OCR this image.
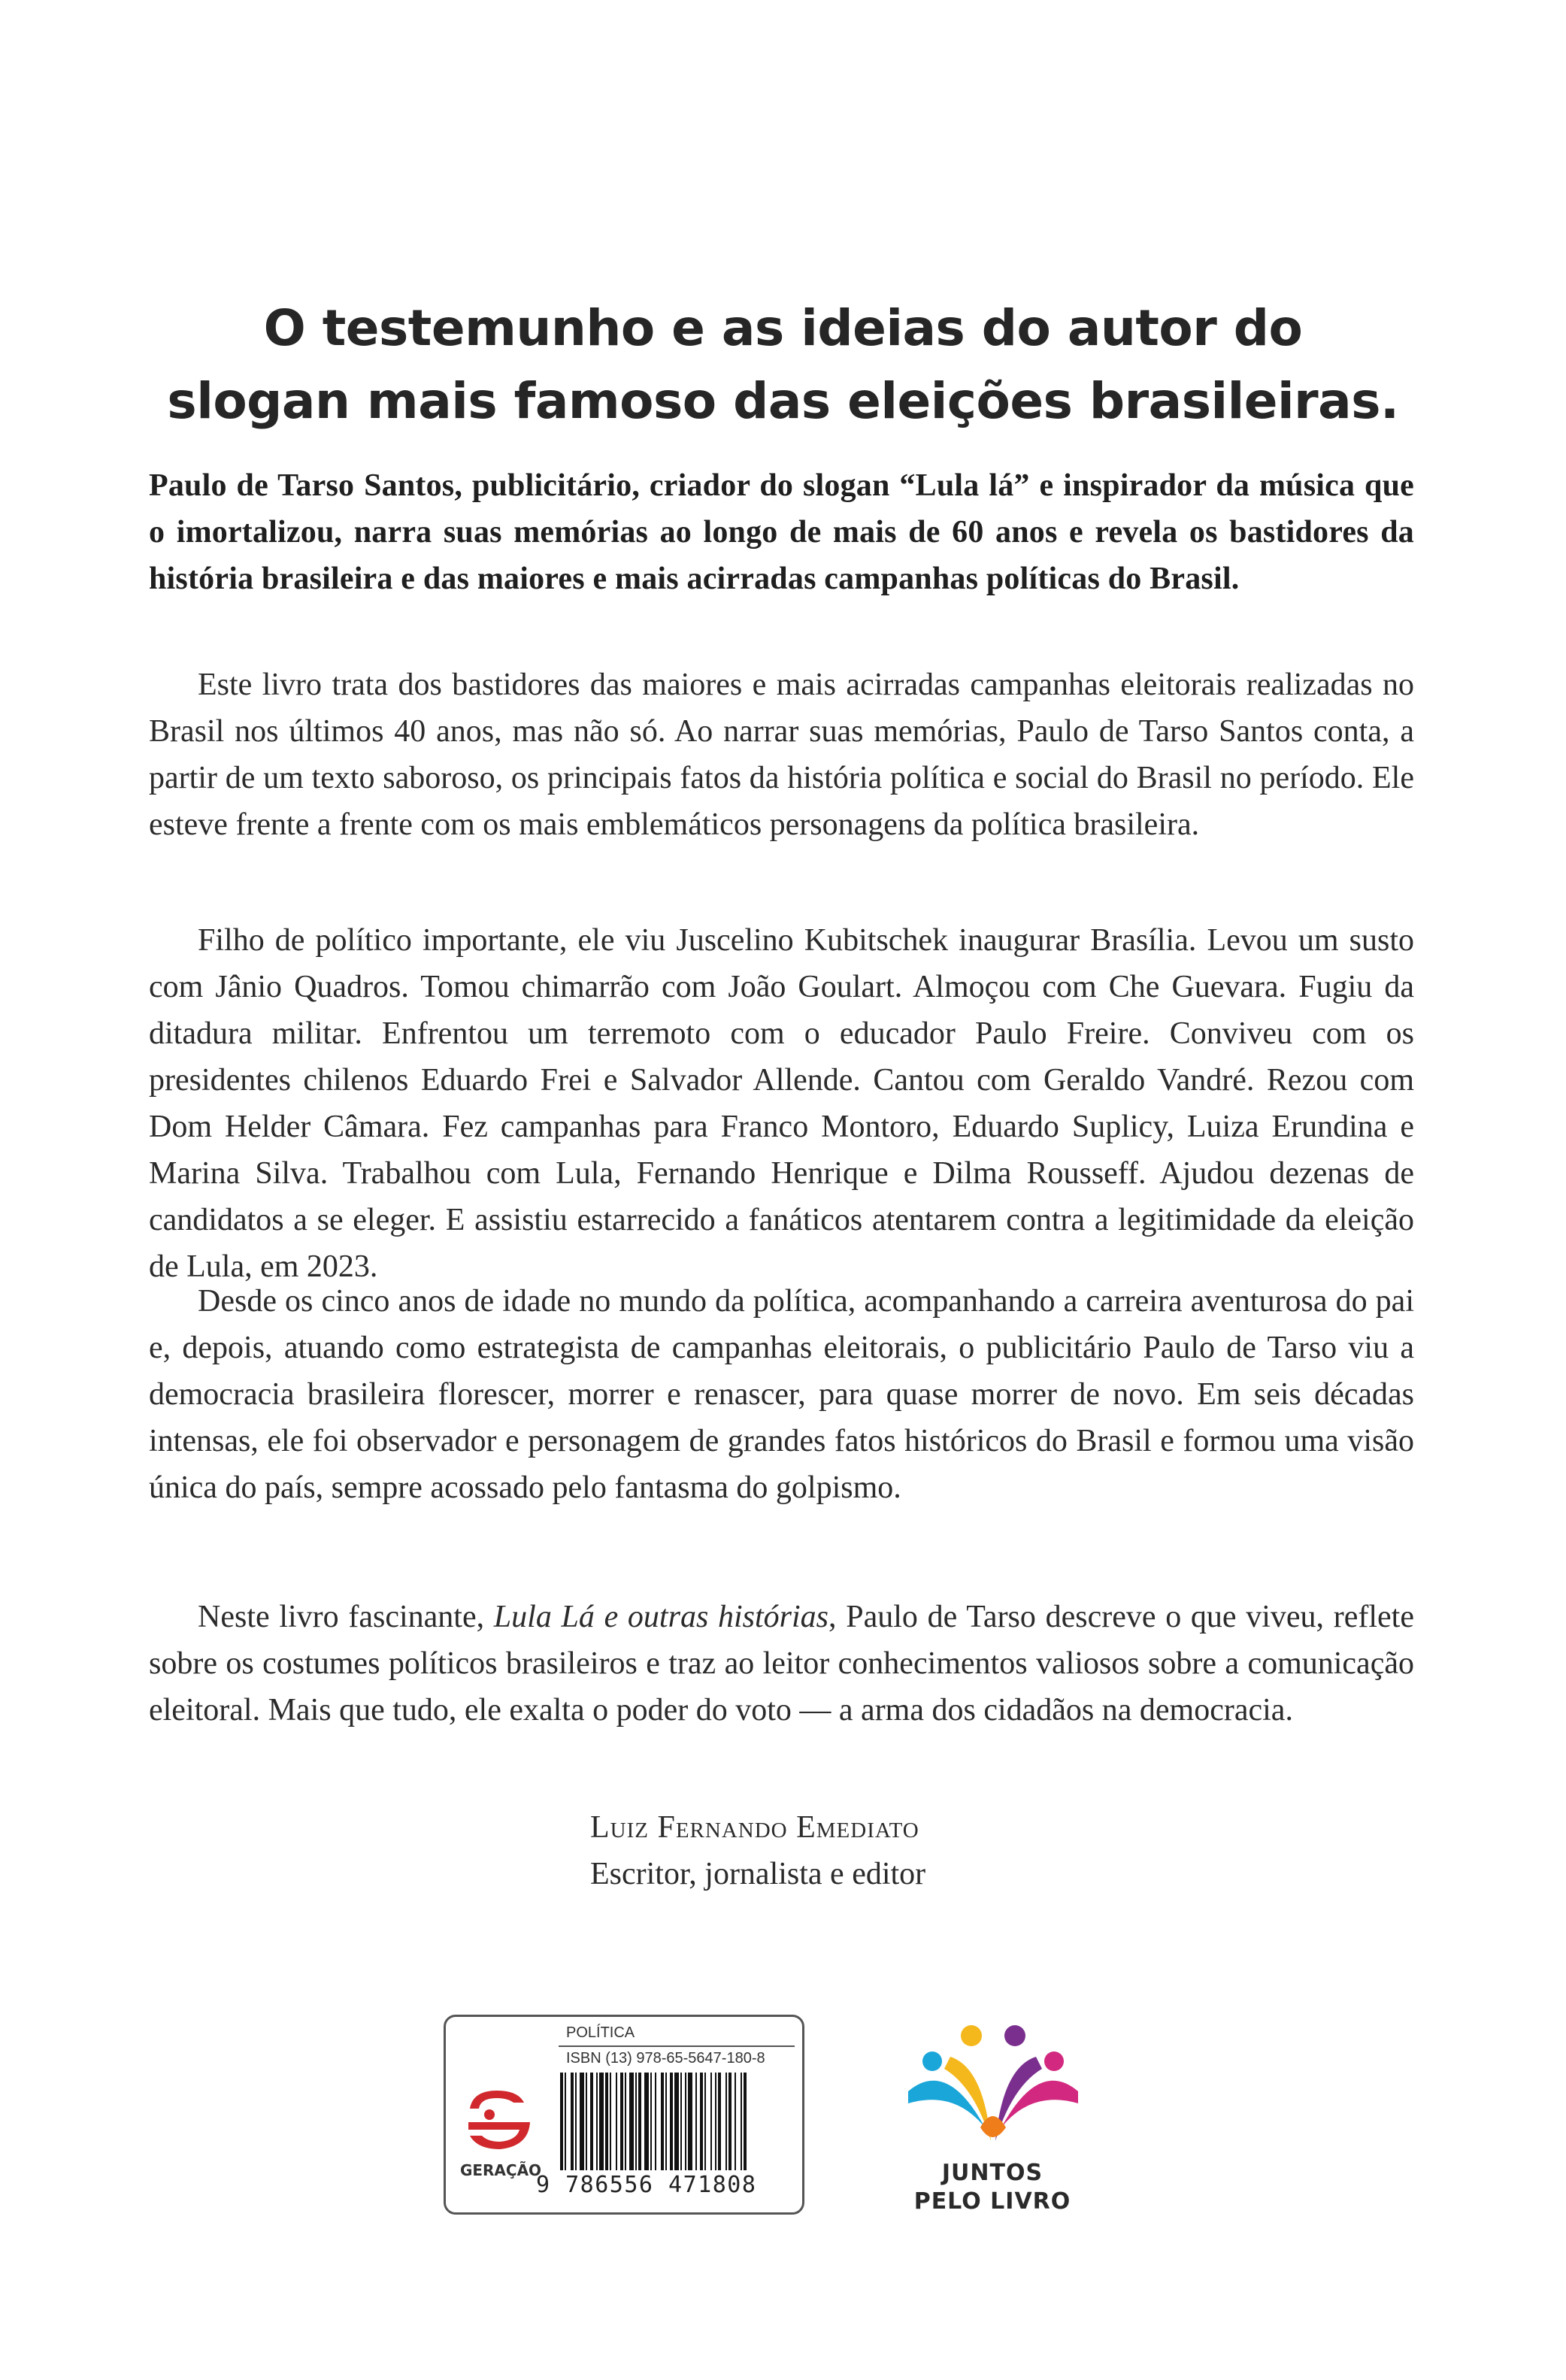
O testemunho e as ideias do autor do
slogan mais famoso das eleições brasileiras.
Paulo de Tarso Santos, publicitário, criador do slogan “Lula lá” e inspirador da música que o imortalizou, narra suas memórias ao longo de mais de 60 anos e revela os bastidores da história brasileira e das maiores e mais acirradas campanhas políticas do Brasil.
Este livro trata dos bastidores das maiores e mais acirradas campanhas eleitorais realizadas no Brasil nos últimos 40 anos, mas não só. Ao narrar suas memórias, Paulo de Tarso Santos conta, a partir de um texto saboroso, os principais fatos da história política e social do Brasil no período. Ele esteve frente a frente com os mais emblemáticos personagens da política brasileira.
Filho de político importante, ele viu Juscelino Kubitschek inaugurar Brasília. Levou um susto com Jânio Quadros. Tomou chimarrão com João Goulart. Almoçou com Che Guevara. Fugiu da ditadura militar. Enfrentou um terremoto com o educador Paulo Freire. Conviveu com os presidentes chilenos Eduardo Frei e Salvador Allende. Cantou com Geraldo Vandré. Rezou com Dom Helder Câmara. Fez campanhas para Franco Montoro, Eduardo Suplicy, Luiza Erundina e Marina Silva. Trabalhou com Lula, Fernando Henrique e Dilma Rousseff. Ajudou dezenas de candidatos a se eleger. E assistiu estarrecido a fanáticos atentarem contra a legitimidade da eleição de Lula, em 2023.
Desde os cinco anos de idade no mundo da política, acompanhando a carreira aventurosa do pai e, depois, atuando como estrategista de campanhas eleitorais, o publicitário Paulo de Tarso viu a democracia brasileira florescer, morrer e renascer, para quase morrer de novo. Em seis décadas intensas, ele foi observador e personagem de grandes fatos históricos do Brasil e formou uma visão única do país, sempre acossado pelo fantasma do golpismo.
Neste livro fascinante, Lula Lá e outras histórias, Paulo de Tarso descreve o que viveu, reflete sobre os costumes políticos brasileiros e traz ao leitor conhecimentos valiosos sobre a comunicação eleitoral. Mais que tudo, ele exalta o poder do voto — a arma dos cidadãos na democracia.
Luiz Fernando Emediato
Escritor, jornalista e editor
POLÍTICA
ISBN (13) 978-65-5647-180-8
GERAÇÃO
9 786556 471808	JUNTOS
PELO LIVRO
